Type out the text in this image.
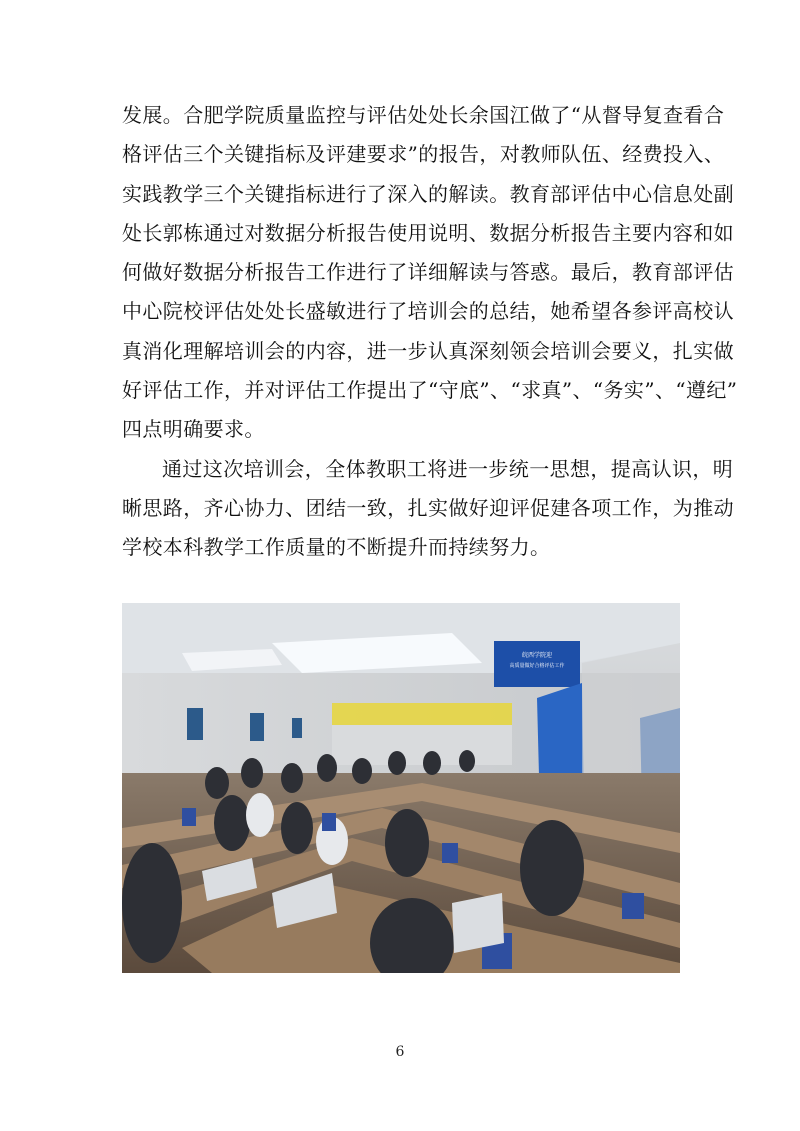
发展。合肥学院质量监控与评估处处长余国江做了“从督导复查看合
格评估三个关键指标及评建要求”的报告，对教师队伍、经费投入、
实践教学三个关键指标进行了深入的解读。教育部评估中心信息处副
处长郭栋通过对数据分析报告使用说明、数据分析报告主要内容和如
何做好数据分析报告工作进行了详细解读与答惑。最后，教育部评估
中心院校评估处处长盛敏进行了培训会的总结，她希望各参评高校认
真消化理解培训会的内容，进一步认真深刻领会培训会要义，扎实做
好评估工作，并对评估工作提出了“守底”、“求真”、“务实”、“遵纪”
四点明确要求。
通过这次培训会，全体教职工将进一步统一思想，提高认识，明
晰思路，齐心协力、团结一致，扎实做好迎评促建各项工作，为推动
学校本科教学工作质量的不断提升而持续努力。
皖西学院迎
高质量做好合格评估工作
6
